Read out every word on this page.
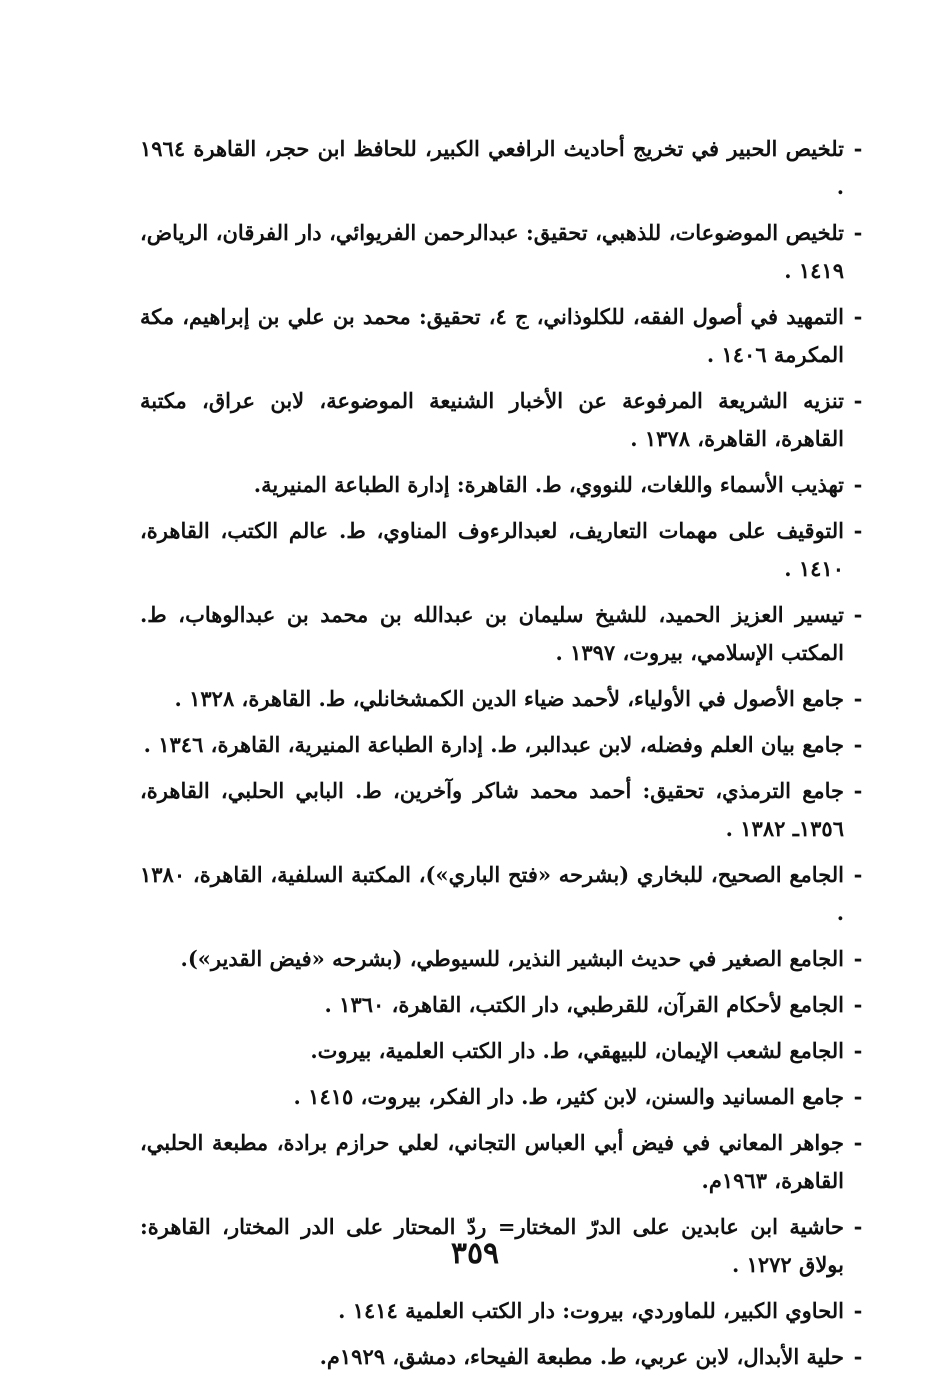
-
تلخيص الحبير في تخريج أحاديث الرافعي الكبير، للحافظ ابن حجر، القاهرة ١٩٦٤ .
-
تلخيص الموضوعات، للذهبي، تحقيق: عبدالرحمن الفريوائي، دار الفرقان، الرياض، ١٤١٩ .
-
التمهيد في أصول الفقه، للكلوذاني، ج ٤، تحقيق: محمد بن علي بن إبراهيم، مكة المكرمة ١٤٠٦ .
-
تنزيه الشريعة المرفوعة عن الأخبار الشنيعة الموضوعة، لابن عراق، مكتبة القاهرة، القاهرة، ١٣٧٨ .
-
تهذيب الأسماء واللغات، للنووي، ط. القاهرة: إدارة الطباعة المنيرية.
-
التوقيف على مهمات التعاريف، لعبدالرءوف المناوي، ط. عالم الكتب، القاهرة، ١٤١٠ .
-
تيسير العزيز الحميد، للشيخ سليمان بن عبدالله بن محمد بن عبدالوهاب، ط. المكتب الإسلامي، بيروت، ١٣٩٧ .
-
جامع الأصول في الأولياء، لأحمد ضياء الدين الكمشخانلي، ط. القاهرة، ١٣٢٨ .
-
جامع بيان العلم وفضله، لابن عبدالبر، ط. إدارة الطباعة المنيرية، القاهرة، ١٣٤٦ .
-
جامع الترمذي، تحقيق: أحمد محمد شاكر وآخرين، ط. البابي الحلبي، القاهرة، ١٣٥٦ـ ١٣٨٢ .
-
الجامع الصحيح، للبخاري (بشرحه «فتح الباري»)، المكتبة السلفية، القاهرة، ١٣٨٠ .
-
الجامع الصغير في حديث البشير النذير، للسيوطي، (بشرحه «فيض القدير»).
-
الجامع لأحكام القرآن، للقرطبي، دار الكتب، القاهرة، ١٣٦٠ .
-
الجامع لشعب الإيمان، للبيهقي، ط. دار الكتب العلمية، بيروت.
-
جامع المسانيد والسنن، لابن كثير، ط. دار الفكر، بيروت، ١٤١٥ .
-
جواهر المعاني في فيض أبي العباس التجاني، لعلي حرازم برادة، مطبعة الحلبي، القاهرة، ١٩٦٣م.
-
حاشية ابن عابدين على الدرّ المختار= ردّ المحتار على الدر المختار، القاهرة: بولاق ١٢٧٢ .
-
الحاوي الكبير، للماوردي، بيروت: دار الكتب العلمية ١٤١٤ .
-
حلية الأبدال، لابن عربي، ط. مطبعة الفيحاء، دمشق، ١٩٢٩م.
٣٥٩
